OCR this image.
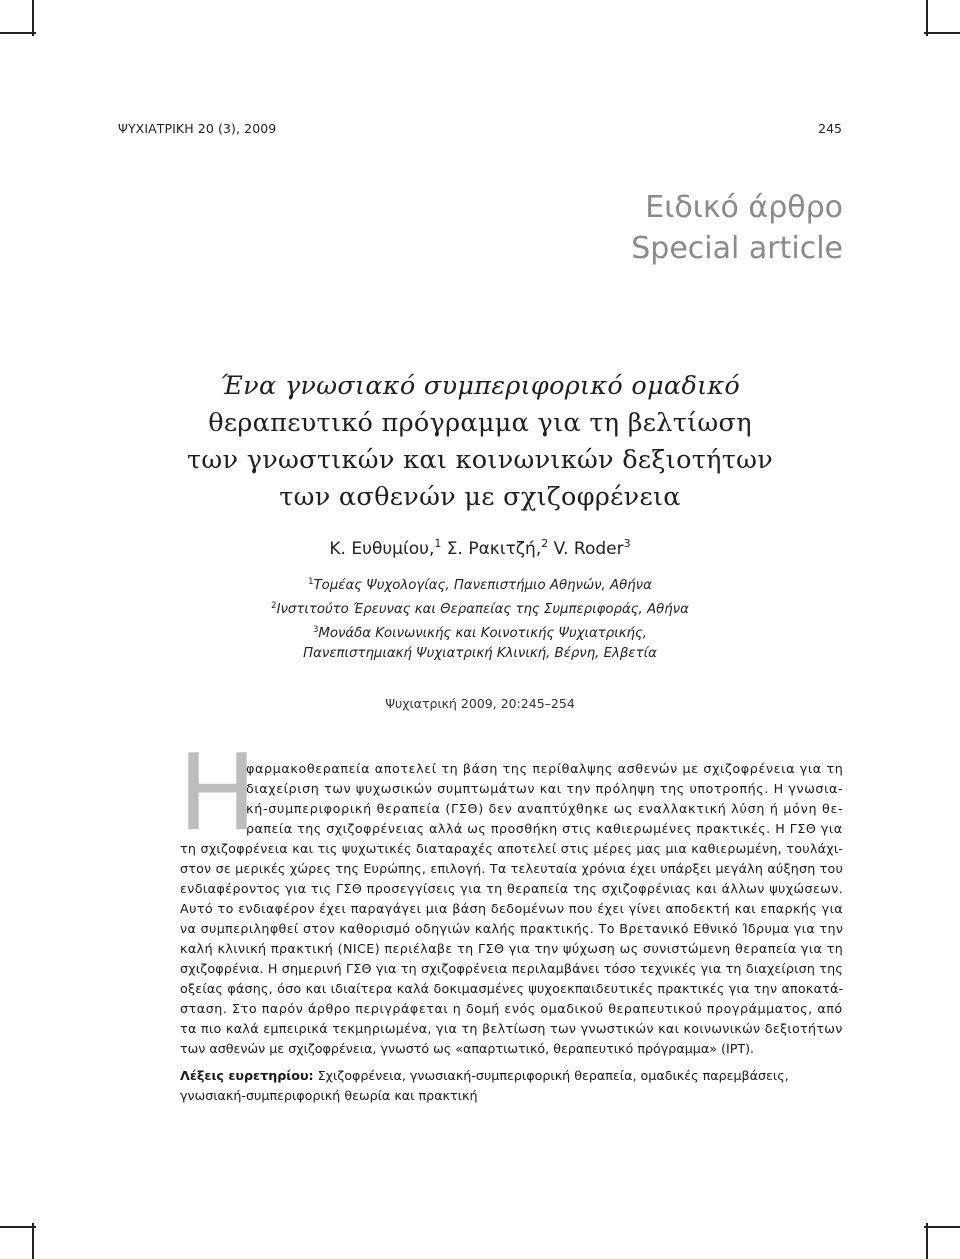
ΨΥΧΙΑΤΡΙΚΗ 20 (3), 2009	245
Ειδικό άρθρο
Special article
Ένα γνωσιακό συμπεριφορικό ομαδικό
θεραπευτικό πρόγραμμα για τη βελτίωση
των γνωστικών και κοινωνικών δεξιοτήτων
των ασθενών με σχιζοφρένεια
Κ. Ευθυμίου,$^1$ Σ. Ρακιτζή,$^2$ V. Roder$^3$
$^1$Τομέας Ψυχολογίας, Πανεπιστήμιο Αθηνών, Αθήνα
$^2$Ινστιτούτο Έρευνας και Θεραπείας της Συμπεριφοράς, Αθήνα
$^3$Μονάδα Κοινωνικής και Κοινοτικής Ψυχιατρικής,
Πανεπιστημιακή Ψυχιατρική Κλινική, Βέρνη, Ελβετία
Ψυχιατρική 2009, 20:245–254
Η
φαρμακοθεραπεία αποτελεί τη βάση της περίθαλψης ασθενών με σχιζοφρένεια για τη
διαχείριση των ψυχωσικών συμπτωμάτων και την πρόληψη της υποτροπής. Η γνωσια-
κή-συμπεριφορική θεραπεία (ΓΣΘ) δεν αναπτύχθηκε ως εναλλακτική λύση ή μόνη θε-
ραπεία της σχιζοφρένειας αλλά ως προσθήκη στις καθιερωμένες πρακτικές. Η ΓΣΘ για
τη σχιζοφρένεια και τις ψυχωτικές διαταραχές αποτελεί στις μέρες μας μια καθιερωμένη, τουλάχι-
στον σε μερικές χώρες της Ευρώπης, επιλογή. Τα τελευταία χρόνια έχει υπάρξει μεγάλη αύξηση του
ενδιαφέροντος για τις ΓΣΘ προσεγγίσεις για τη θεραπεία της σχιζοφρένιας και άλλων ψυχώσεων.
Αυτό το ενδιαφέρον έχει παραγάγει μια βάση δεδομένων που έχει γίνει αποδεκτή και επαρκής για
να συμπεριληφθεί στον καθορισμό οδηγιών καλής πρακτικής. Το Βρετανικό Εθνικό Ίδρυμα για την
καλή κλινική πρακτική (NICE) περιέλαβε τη ΓΣΘ για την ψύχωση ως συνιστώμενη θεραπεία για τη
σχιζοφρένια. Η σημερινή ΓΣΘ για τη σχιζοφρένεια περιλαμβάνει τόσο τεχνικές για τη διαχείριση της
οξείας φάσης, όσο και ιδιαίτερα καλά δοκιμασμένες ψυχοεκπαιδευτικές πρακτικές για την αποκατά-
σταση. Στο παρόν άρθρο περιγράφεται η δομή ενός ομαδικού θεραπευτικού προγράμματος, από
τα πιο καλά εμπειρικά τεκμηριωμένα, για τη βελτίωση των γνωστικών και κοινωνικών δεξιοτήτων
των ασθενών με σχιζοφρένεια, γνωστό ως «απαρτιωτικό, θεραπευτικό πρόγραμμα» (IPT).
Λέξεις ευρετηρίου: Σχιζοφρένεια, γνωσιακή-συμπεριφορική θεραπεία, ομαδικές παρεμβάσεις,
γνωσιακή-συμπεριφορική θεωρία και πρακτική
